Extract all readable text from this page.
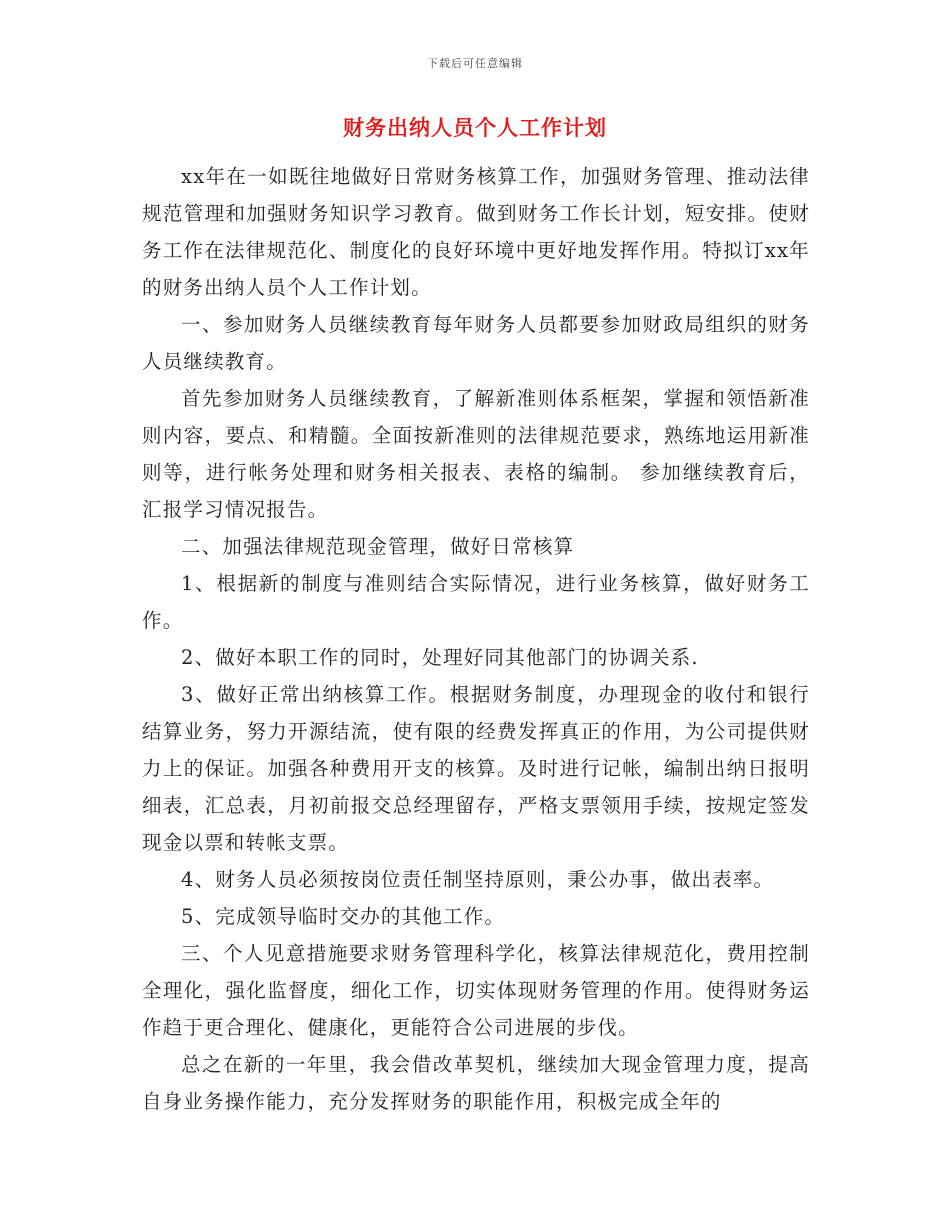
下载后可任意编辑
财务出纳人员个人工作计划

xx年在一如既往地做好日常财务核算工作，加强财务管理、推动法律规范管理和加强财务知识学习教育。做到财务工作长计划，短安排。使财务工作在法律规范化、制度化的良好环境中更好地发挥作用。特拟订xx年的财务出纳人员个人工作计划。

一、参加财务人员继续教育每年财务人员都要参加财政局组织的财务人员继续教育。

首先参加财务人员继续教育，了解新准则体系框架，掌握和领悟新准则内容，要点、和精髓。全面按新准则的法律规范要求，熟练地运用新准则等，进行帐务处理和财务相关报表、表格的编制。 参加继续教育后，汇报学习情况报告。

二、加强法律规范现金管理，做好日常核算

1、根据新的制度与准则结合实际情况，进行业务核算，做好财务工作。

2、做好本职工作的同时，处理好同其他部门的协调关系.

3、做好正常出纳核算工作。根据财务制度，办理现金的收付和银行结算业务，努力开源结流，使有限的经费发挥真正的作用，为公司提供财力上的保证。加强各种费用开支的核算。及时进行记帐，编制出纳日报明细表，汇总表，月初前报交总经理留存，严格支票领用手续，按规定签发现金以票和转帐支票。

4、财务人员必须按岗位责任制坚持原则，秉公办事，做出表率。

5、完成领导临时交办的其他工作。

三、个人见意措施要求财务管理科学化，核算法律规范化，费用控制全理化，强化监督度，细化工作，切实体现财务管理的作用。使得财务运作趋于更合理化、健康化，更能符合公司进展的步伐。

总之在新的一年里，我会借改革契机，继续加大现金管理力度，提高自身业务操作能力，充分发挥财务的职能作用，积极完成全年的
